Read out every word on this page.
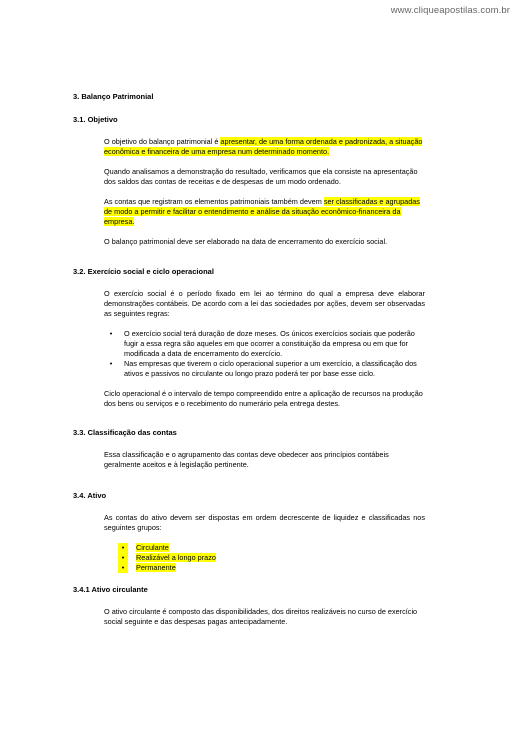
www.cliqueapostilas.com.br
3. Balanço Patrimonial
3.1. Objetivo

O objetivo do balanço patrimonial é apresentar, de uma forma ordenada e padronizada, a situação econômica e financeira de uma empresa num determinado momento.

Quando analisamos a demonstração do resultado, verificamos que ela consiste na apresentação dos saldos das contas de receitas e de despesas de um modo ordenado.

As contas que registram os elementos patrimoniais também devem ser classificadas e agrupadas de modo a permitir e facilitar o entendimento e análise da situação econômico-financeira da empresa.

O balanço patrimonial deve ser elaborado na data de encerramento do exercício social.

3.2. Exercício social e ciclo operacional

O exercício social é o período fixado em lei ao término do qual a empresa deve elaborar demonstrações contábeis. De acordo com a lei das sociedades por ações, devem ser observadas as seguintes regras:

•	O exercício social terá duração de doze meses. Os únicos exercícios sociais que poderão fugir a essa regra são aqueles em que ocorrer a constituição da empresa ou em que for modificada a data de encerramento do exercício.
•	Nas empresas que tiverem o ciclo operacional superior a um exercício, a classificação dos ativos e passivos no circulante ou longo prazo poderá ter por base esse ciclo.

Ciclo operacional é o intervalo de tempo compreendido entre a aplicação de recursos na produção dos bens ou serviços e o recebimento do numerário pela entrega destes.

3.3. Classificação das contas

Essa classificação e o agrupamento das contas deve obedecer aos princípios contábeis geralmente aceitos e à legislação pertinente.

3.4. Ativo

As contas do ativo devem ser dispostas em ordem decrescente de liquidez e classificadas nos seguintes grupos:

•	Circulante
•	Realizável a longo prazo
•	Permanente
3.4.1 Ativo circulante

O ativo circulante é composto das disponibilidades, dos direitos realizáveis no curso de exercício social seguinte e das despesas pagas antecipadamente.
